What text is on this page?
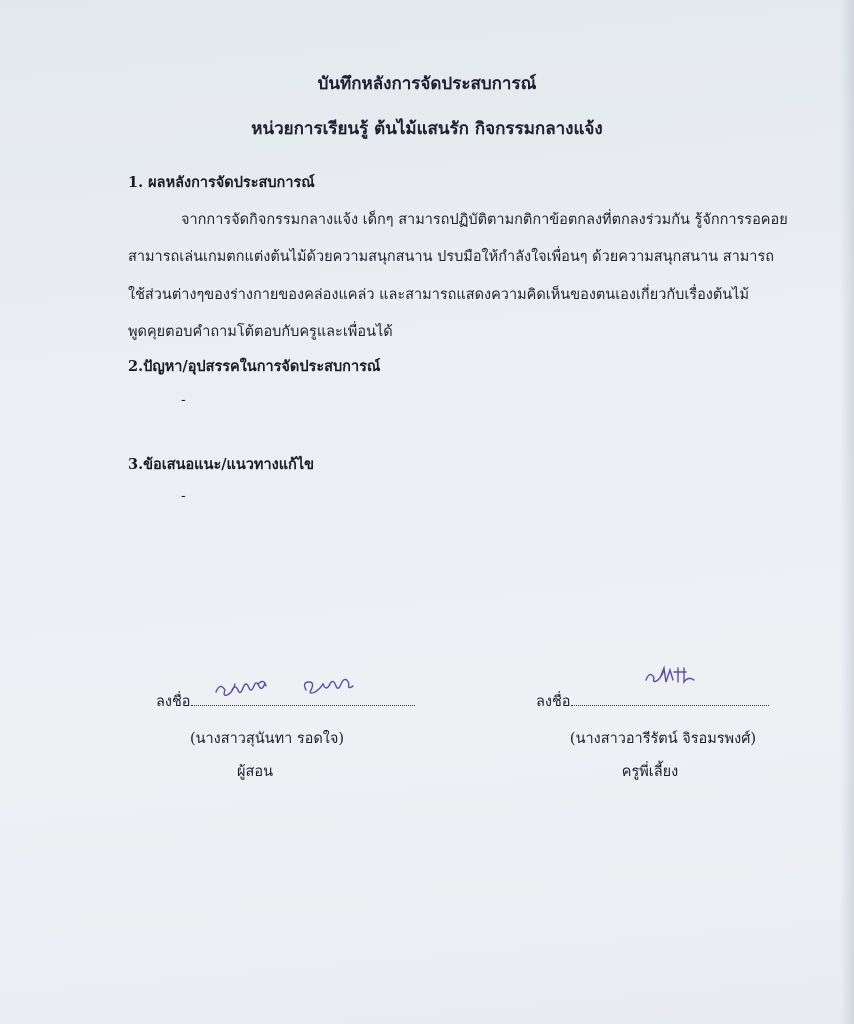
บันทึกหลังการจัดประสบการณ์
หน่วยการเรียนรู้ ต้นไม้แสนรัก กิจกรรมกลางแจ้ง
1. ผลหลังการจัดประสบการณ์
จากการจัดกิจกรรมกลางแจ้ง เด็กๆ สามารถปฏิบัติตามกติกาข้อตกลงที่ตกลงร่วมกัน รู้จักการรอคอย
สามารถเล่นเกมตกแต่งต้นไม้ด้วยความสนุกสนาน ปรบมือให้กำลังใจเพื่อนๆ ด้วยความสนุกสนาน สามารถ
ใช้ส่วนต่างๆของร่างกายของคล่องแคล่ว และสามารถแสดงความคิดเห็นของตนเองเกี่ยวกับเรื่องต้นไม้
พูดคุยตอบคำถามโต้ตอบกับครูและเพื่อนได้
2.ปัญหา/อุปสรรคในการจัดประสบการณ์
-
3.ข้อเสนอแนะ/แนวทางแก้ไข
-
ลงชื่อ
(นางสาวสุนันทา รอดใจ)
ผู้สอน
ลงชื่อ
(นางสาวอารีรัตน์ จิรอมรพงศ์)
ครูพี่เลี้ยง
